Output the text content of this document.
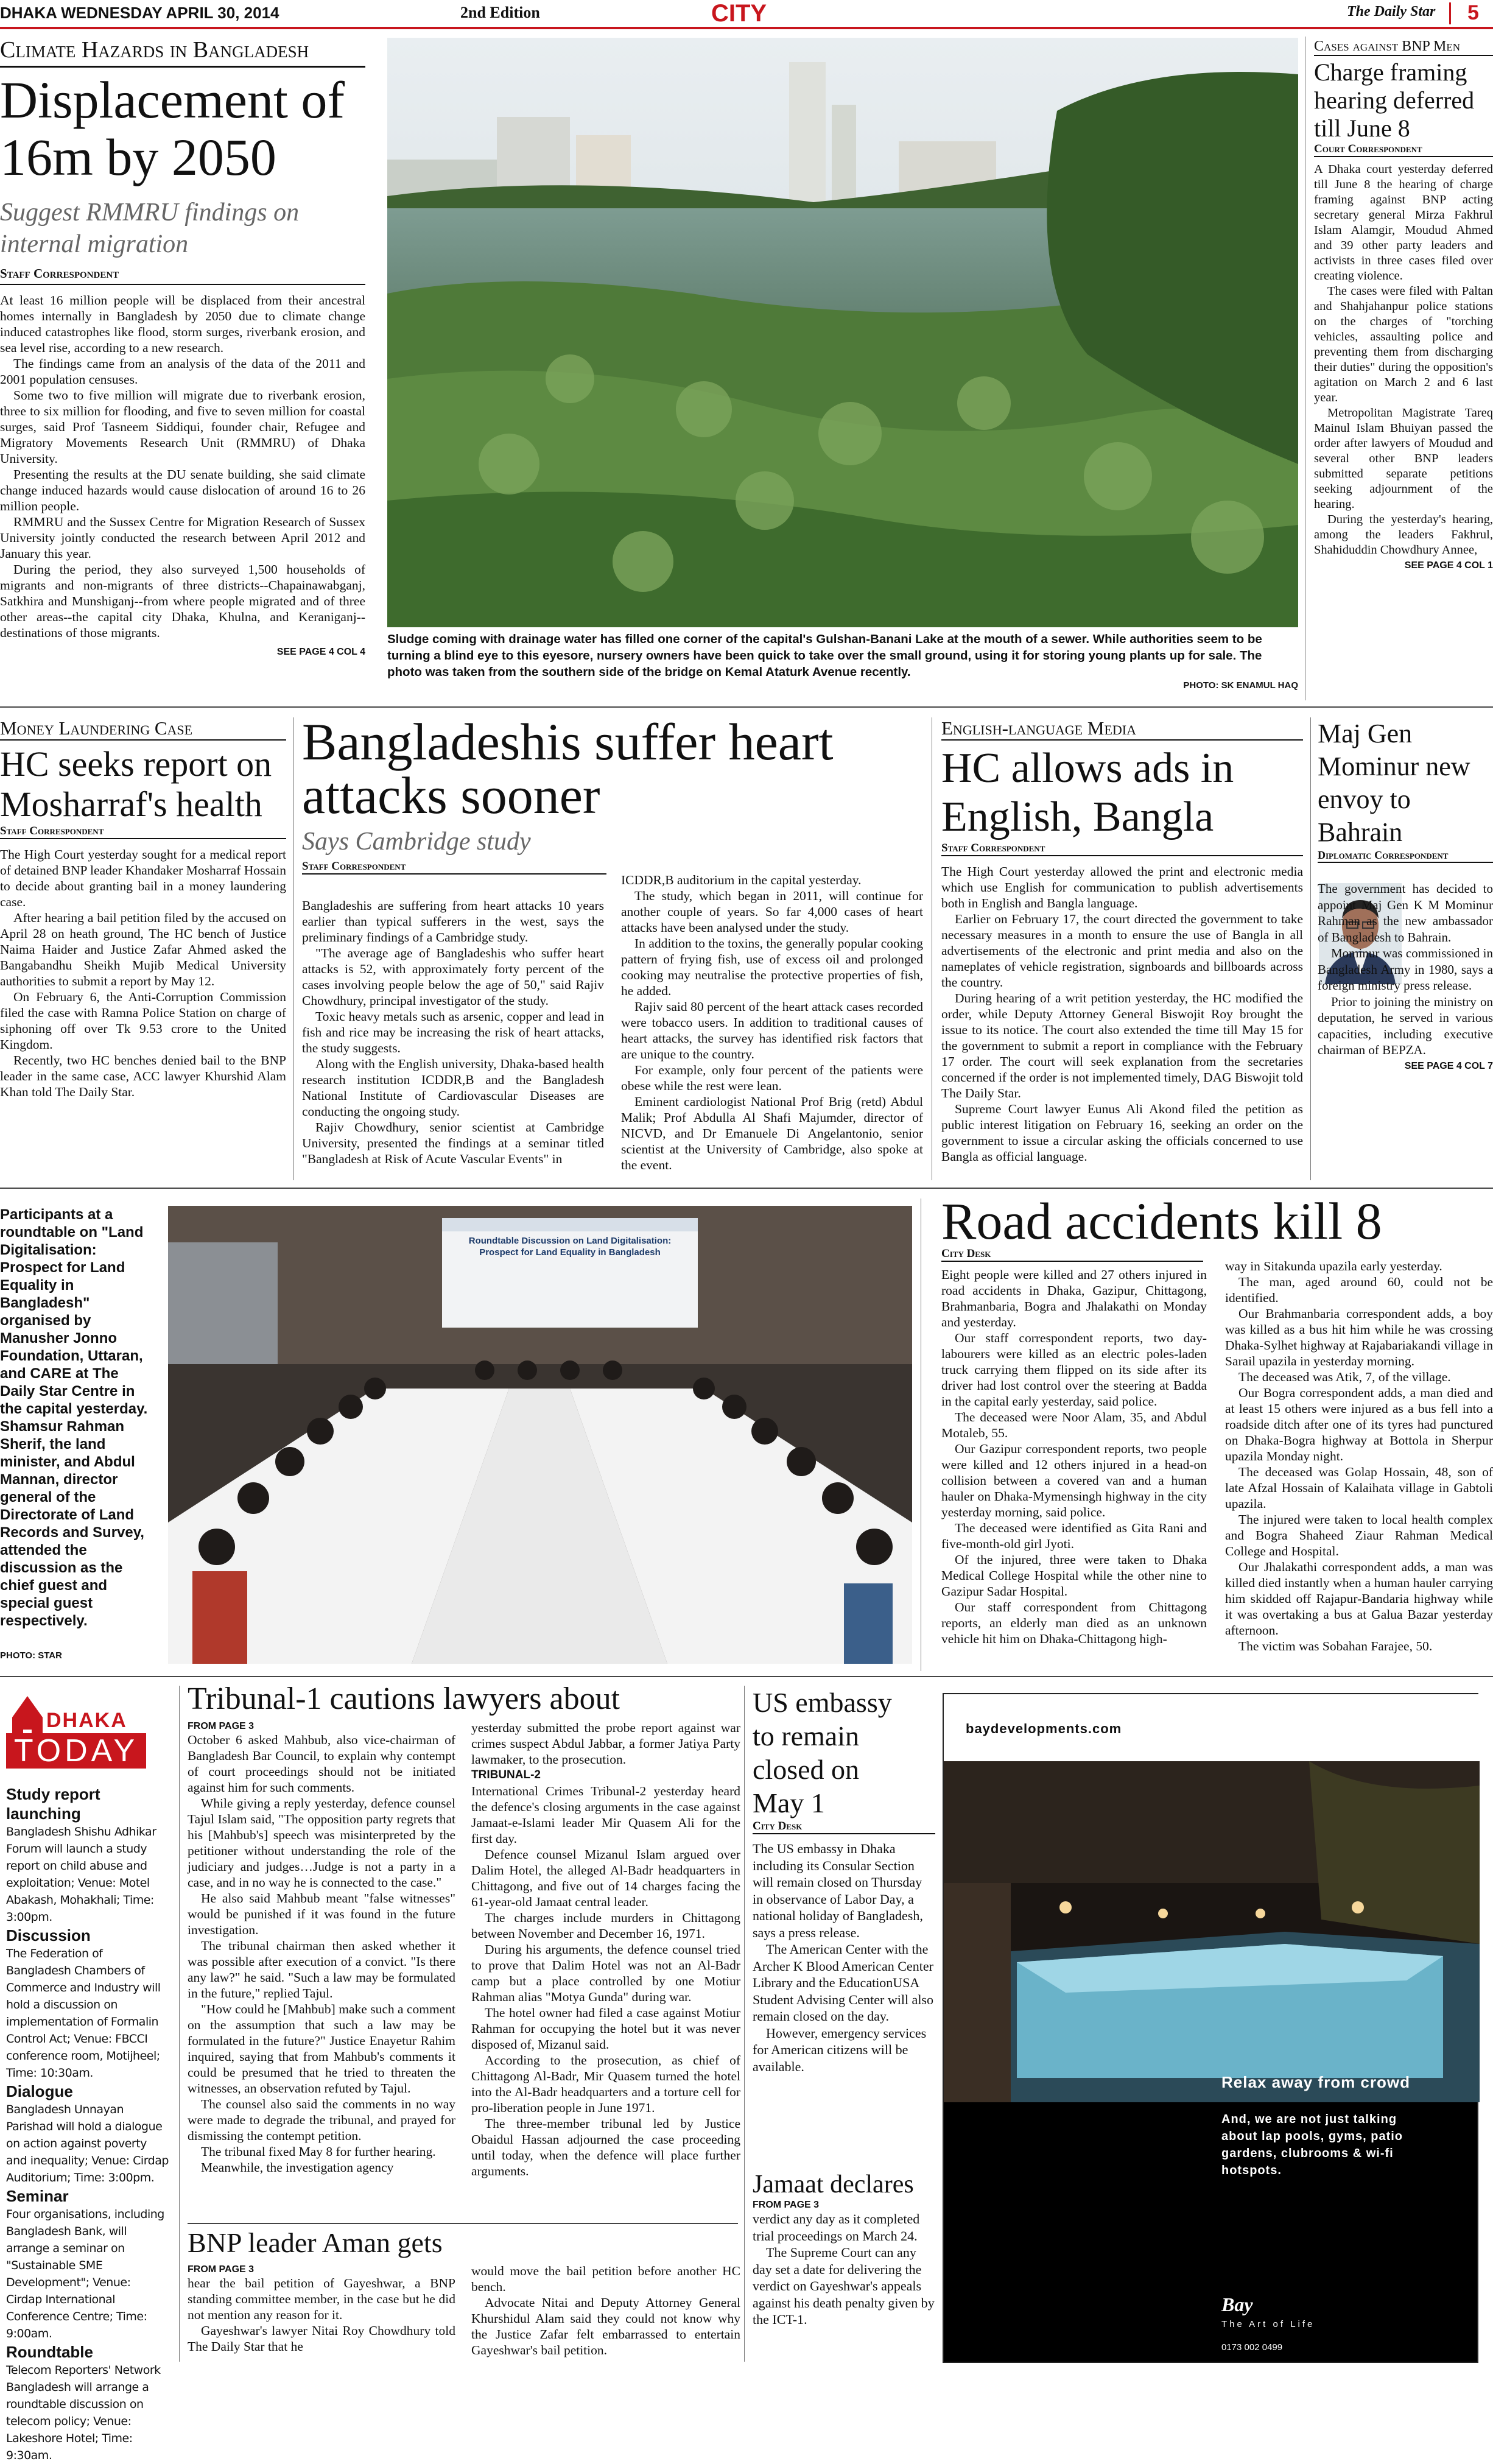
DHAKA WEDNESDAY APRIL 30, 2014	2nd Edition	CITY	The Daily Star 5
Climate Hazards in Bangladesh
Displacement of 16m by 2050
Suggest RMMRU findings on internal migration
Staff Correspondent

At least 16 million people will be displaced from their ancestral homes internally in Bangladesh by 2050 due to climate change induced catastrophes like flood, storm surges, riverbank erosion, and sea level rise, according to a new research.

The findings came from an analysis of the data of the 2011 and 2001 population censuses.

Some two to five million will migrate due to riverbank erosion, three to six million for flooding, and five to seven million for coastal surges, said Prof Tasneem Siddiqui, founder chair, Refugee and Migratory Movements Research Unit (RMMRU) of Dhaka University.

Presenting the results at the DU senate building, she said climate change induced hazards would cause dislocation of around 16 to 26 million people.

RMMRU and the Sussex Centre for Migration Research of Sussex University jointly conducted the research between April 2012 and January this year.

During the period, they also surveyed 1,500 households of migrants and non-migrants of three districts--Chapainawabganj, Satkhira and Munshiganj--from where people migrated and of three other areas--the capital city Dhaka, Khulna, and Keraniganj--destinations of those migrants.

SEE PAGE 4 COL 4

Sludge coming with drainage water has filled one corner of the capital's Gulshan-Banani Lake at the mouth of a sewer. While authorities seem to be turning a blind eye to this eyesore, nursery owners have been quick to take over the small ground, using it for storing young plants up for sale. The photo was taken from the southern side of the bridge on Kemal Ataturk Avenue recently.

PHOTO: SK ENAMUL HAQ
Cases against BNP Men
Charge framing hearing deferred till June 8
Court Correspondent

A Dhaka court yesterday deferred till June 8 the hearing of charge framing against BNP acting secretary general Mirza Fakhrul Islam Alamgir, Moudud Ahmed and 39 other party leaders and activists in three cases filed over creating violence.

The cases were filed with Paltan and Shahjahanpur police stations on the charges of "torching vehicles, assaulting police and preventing them from discharging their duties" during the opposition's agitation on March 2 and 6 last year.

Metropolitan Magistrate Tareq Mainul Islam Bhuiyan passed the order after lawyers of Moudud and several other BNP leaders submitted separate petitions seeking adjournment of the hearing.

During the yesterday's hearing, among the leaders Fakhrul, Shahiduddin Chowdhury Annee,

SEE PAGE 4 COL 1
Money Laundering Case
HC seeks report on Mosharraf's health
Staff Correspondent

The High Court yesterday sought for a medical report of detained BNP leader Khandaker Mosharraf Hossain to decide about granting bail in a money laundering case.

After hearing a bail petition filed by the accused on April 28 on heath ground, The HC bench of Justice Naima Haider and Justice Zafar Ahmed asked the Bangabandhu Sheikh Mujib Medical University authorities to submit a report by May 12.

On February 6, the Anti-Corruption Commission filed the case with Ramna Police Station on charge of siphoning off over Tk 9.53 crore to the United Kingdom.

Recently, two HC benches denied bail to the BNP leader in the same case, ACC lawyer Khurshid Alam Khan told The Daily Star.

Bangladeshis suffer heart attacks sooner
Says Cambridge study
Staff Correspondent

Bangladeshis are suffering from heart attacks 10 years earlier than typical sufferers in the west, says the preliminary findings of a Cambridge study.

"The average age of Bangladeshis who suffer heart attacks is 52, with approximately forty percent of the cases involving people below the age of 50," said Rajiv Chowdhury, principal investigator of the study.

Toxic heavy metals such as arsenic, copper and lead in fish and rice may be increasing the risk of heart attacks, the study suggests.

Along with the English university, Dhaka-based health research institution ICDDR,B and the Bangladesh National Institute of Cardiovascular Diseases are conducting the ongoing study.

Rajiv Chowdhury, senior scientist at Cambridge University, presented the findings at a seminar titled "Bangladesh at Risk of Acute Vascular Events" in

ICDDR,B auditorium in the capital yesterday.

The study, which began in 2011, will continue for another couple of years. So far 4,000 cases of heart attacks have been analysed under the study.

In addition to the toxins, the generally popular cooking pattern of frying fish, use of excess oil and prolonged cooking may neutralise the protective properties of fish, he added.

Rajiv said 80 percent of the heart attack cases recorded were tobacco users. In addition to traditional causes of heart attacks, the survey has identified risk factors that are unique to the country.

For example, only four percent of the patients were obese while the rest were lean.

Eminent cardiologist National Prof Brig (retd) Abdul Malik; Prof Abdulla Al Shafi Majumder, director of NICVD, and Dr Emanuele Di Angelantonio, senior scientist at the University of Cambridge, also spoke at the event.

English-language Media
HC allows ads in English, Bangla
Staff Correspondent

The High Court yesterday allowed the print and electronic media which use English for communication to publish advertisements both in English and Bangla language.

Earlier on February 17, the court directed the government to take necessary measures in a month to ensure the use of Bangla in all advertisements of the electronic and print media and also on the nameplates of vehicle registration, signboards and billboards across the country.

During hearing of a writ petition yesterday, the HC modified the order, while Deputy Attorney General Biswojit Roy brought the issue to its notice. The court also extended the time till May 15 for the government to submit a report in compliance with the February 17 order. The court will seek explanation from the secretaries concerned if the order is not implemented timely, DAG Biswojit told The Daily Star.

Supreme Court lawyer Eunus Ali Akond filed the petition as public interest litigation on February 16, seeking an order on the government to issue a circular asking the officials concerned to use Bangla as official language.

Maj Gen Mominur new envoy to Bahrain
Diplomatic Correspondent

The government has decided to appoint Maj Gen K M Mominur Rahman as the new ambassador of Bangladesh to Bahrain.

Mominur was commissioned in Bangladesh Army in 1980, says a foreign ministry press release.

Prior to joining the ministry on deputation, he served in various capacities, including executive chairman of BEPZA.

SEE PAGE 4 COL 7

Participants at a roundtable on "Land Digitalisation: Prospect for Land Equality in Bangladesh" organised by Manusher Jonno Foundation, Uttaran, and CARE at The Daily Star Centre in the capital yesterday. Shamsur Rahman Sherif, the land minister, and Abdul Mannan, director general of the Directorate of Land Records and Survey, attended the discussion as the chief guest and special guest respectively.

PHOTO: STAR
Roundtable Discussion on Land Digitalisation: Prospect for Land Equality in Bangladesh
Road accidents kill 8
City Desk

Eight people were killed and 27 others injured in road accidents in Dhaka, Gazipur, Chittagong, Brahmanbaria, Bogra and Jhalakathi on Monday and yesterday.

Our staff correspondent reports, two day-labourers were killed as an electric poles-laden truck carrying them flipped on its side after its driver had lost control over the steering at Badda in the capital early yesterday, said police.

The deceased were Noor Alam, 35, and Abdul Motaleb, 55.

Our Gazipur correspondent reports, two people were killed and 12 others injured in a head-on collision between a covered van and a human hauler on Dhaka-Mymensingh highway in the city yesterday morning, said police.

The deceased were identified as Gita Rani and five-month-old girl Jyoti.

Of the injured, three were taken to Dhaka Medical College Hospital while the other nine to Gazipur Sadar Hospital.

Our staff correspondent from Chittagong reports, an elderly man died as an unknown vehicle hit him on Dhaka-Chittagong high-

way in Sitakunda upazila early yesterday.

The man, aged around 60, could not be identified.

Our Brahmanbaria correspondent adds, a boy was killed as a bus hit him while he was crossing Dhaka-Sylhet highway at Rajabariakandi village in Sarail upazila in yesterday morning.

The deceased was Atik, 7, of the village.

Our Bogra correspondent adds, a man died and at least 15 others were injured as a bus fell into a roadside ditch after one of its tyres had punctured on Dhaka-Bogra highway at Bottola in Sherpur upazila Monday night.

The deceased was Golap Hossain, 48, son of late Afzal Hossain of Kalaihata village in Gabtoli upazila.

The injured were taken to local health complex and Bogra Shaheed Ziaur Rahman Medical College and Hospital.

Our Jhalakathi correspondent adds, a man was killed died instantly when a human hauler carrying him skidded off Rajapur-Bandaria highway while it was overtaking a bus at Galua Bazar yesterday afternoon.

The victim was Sobahan Farajee, 50.

DHAKA
TODAY
Study report launching

Bangladesh Shishu Adhikar Forum will launch a study report on child abuse and exploitation; Venue: Motel Abakash, Mohakhali; Time: 3:00pm.

Discussion

The Federation of Bangladesh Chambers of Commerce and Industry will hold a discussion on implementation of Formalin Control Act; Venue: FBCCI conference room, Motijheel; Time: 10:30am.

Dialogue

Bangladesh Unnayan Parishad will hold a dialogue on action against poverty and inequality; Venue: Cirdap Auditorium; Time: 3:00pm.

Seminar

Four organisations, including Bangladesh Bank, will arrange a seminar on "Sustainable SME Development"; Venue: Cirdap International Conference Centre; Time: 9:00am.

Roundtable

Telecom Reporters' Network Bangladesh will arrange a roundtable discussion on telecom policy; Venue: Lakeshore Hotel; Time: 9:30am.

Tribunal-1 cautions lawyers about
FROM PAGE 3

October 6 asked Mahbub, also vice-chairman of Bangladesh Bar Council, to explain why contempt of court proceedings should not be initiated against him for such comments.

While giving a reply yesterday, defence counsel Tajul Islam said, "The opposition party regrets that his [Mahbub's] speech was misinterpreted by the petitioner without understanding the role of the judiciary and judges…Judge is not a party in a case, and in no way he is connected to the case."

He also said Mahbub meant "false witnesses" would be punished if it was found in the future investigation.

The tribunal chairman then asked whether it was possible after execution of a convict. "Is there any law?" he said. "Such a law may be formulated in the future," replied Tajul.

"How could he [Mahbub] make such a comment on the assumption that such a law may be formulated in the future?" Justice Enayetur Rahim inquired, saying that from Mahbub's comments it could be presumed that he tried to threaten the witnesses, an observation refuted by Tajul.

The counsel also said the comments in no way were made to degrade the tribunal, and prayed for dismissing the contempt petition.

The tribunal fixed May 8 for further hearing.

Meanwhile, the investigation agency

yesterday submitted the probe report against war crimes suspect Abdul Jabbar, a former Jatiya Party lawmaker, to the prosecution.

TRIBUNAL-2

International Crimes Tribunal-2 yesterday heard the defence's closing arguments in the case against Jamaat-e-Islami leader Mir Quasem Ali for the first day.

Defence counsel Mizanul Islam argued over Dalim Hotel, the alleged Al-Badr headquarters in Chittagong, and five out of 14 charges facing the 61-year-old Jamaat central leader.

The charges include murders in Chittagong between November and December 16, 1971.

During his arguments, the defence counsel tried to prove that Dalim Hotel was not an Al-Badr camp but a place controlled by one Motiur Rahman alias "Motya Gunda" during war.

The hotel owner had filed a case against Motiur Rahman for occupying the hotel but it was never disposed of, Mizanul said.

According to the prosecution, as chief of Chittagong Al-Badr, Mir Quasem turned the hotel into the Al-Badr headquarters and a torture cell for pro-liberation people in June 1971.

The three-member tribunal led by Justice Obaidul Hassan adjourned the case proceeding until today, when the defence will place further arguments.

BNP leader Aman gets
FROM PAGE 3

hear the bail petition of Gayeshwar, a BNP standing committee member, in the case but he did not mention any reason for it.

Gayeshwar's lawyer Nitai Roy Chowdhury told The Daily Star that he

would move the bail petition before another HC bench.

Advocate Nitai and Deputy Attorney General Khurshidul Alam said they could not know why the Justice Zafar felt embarrassed to entertain Gayeshwar's bail petition.

US embassy to remain closed on May 1
City Desk

The US embassy in Dhaka including its Consular Section will remain closed on Thursday in observance of Labor Day, a national holiday of Bangladesh, says a press release.

The American Center with the Archer K Blood American Center Library and the EducationUSA Student Advising Center will also remain closed on the day.

However, emergency services for American citizens will be available.

Jamaat declares
FROM PAGE 3

verdict any day as it completed trial proceedings on March 24.

The Supreme Court can any day set a date for delivering the verdict on Gayeshwar's appeals against his death penalty given by the ICT-1.

baydevelopments.com
Relax away from crowd
And, we are not just talking about lap pools, gyms, patio gardens, clubrooms & wi-fi hotspots.
Bay
The Art of Life
0173 002 0499
